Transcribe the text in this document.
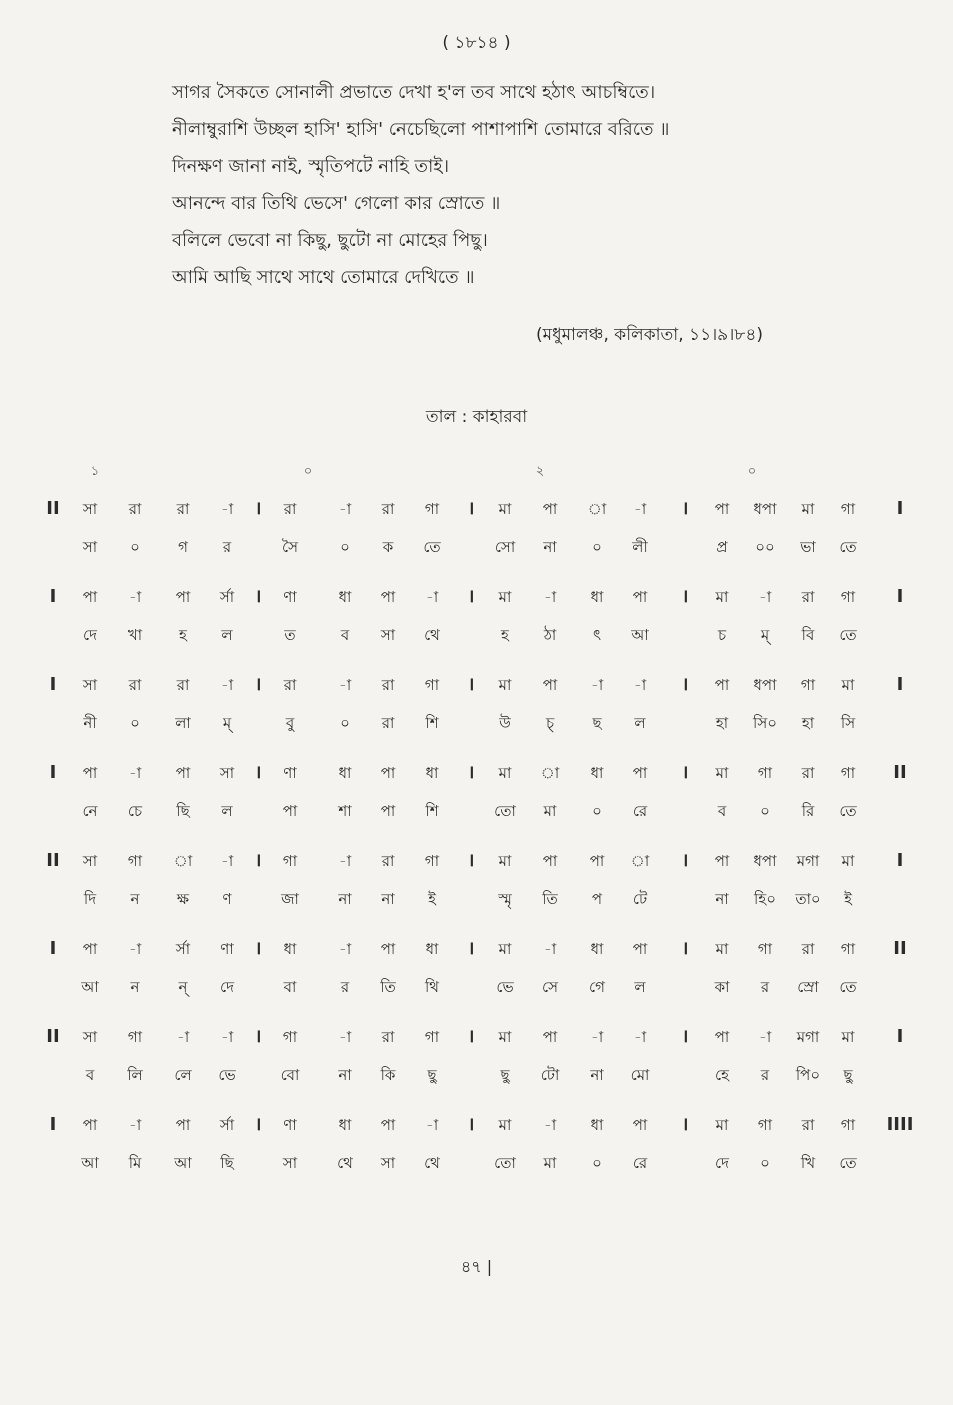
( ১৮১৪ )
সাগর সৈকতে সোনালী প্রভাতে দেখা হ'ল তব সাথে হঠাৎ আচম্বিতে।
নীলাম্বুরাশি উচ্ছল হাসি' হাসি' নেচেছিলো পাশাপাশি তোমারে বরিতে ॥
দিনক্ষণ জানা নাই, স্মৃতিপটে নাহি তাই।
আনন্দে বার তিথি ভেসে' গেলো কার স্রোতে ॥
বলিলে ভেবো না কিছু, ছুটো না মোহের পিছু।
আমি আছি সাথে সাথে তোমারে দেখিতে ॥
(মধুমালঞ্চ, কলিকাতা, ১১।৯।৮৪)
তাল : কাহারবা
১	০	২	০
II সা রা রা -া । রা	-া রা গা । মা পা া -া । পা ধপা মা গা I
সা ০	গ র	সৈ	০ ক তে	সো না ০ লী	প্র ০০ ভা তে
I পা -া পা র্সা । ণা	ধা পা -া । মা -া ধা পা । মা -া রা গা I
দে খা হ ল	ত	ব সা থে	হ ঠা ৎ আ	চ ম্ বি তে
I সা রা রা -া । রা	-া রা গা । মা পা -া -া । পা ধপা গা মা I
নী ০ লা ম্	বু	০ রা শি	উ চ্	ছ ল	হা সি০ হা সি
I পা -া পা সা । ণা	ধা পা ধা । মা া ধা পা । মা গা রা গা II
নে চে ছি ল	পা	শা পা শি	তো মা ০ রে	ব ০ রি তে
II সা গা া -া । গা	-া রা গা । মা পা পা া । পা ধপা মগা মা I
দি ন ক্ষ ণ	জা	না না ই	স্মৃ তি প টে	না হি০ তা০ ই
I পা -া র্সা ণা । ধা	-া পা ধা । মা -া ধা পা । মা গা রা গা II
আ ন	ন্ দে	বা	র তি থি	ভে সে গে ল	কা র স্রো তে
II সা গা -া -া । গা	-া রা গা । মা পা -া -া । পা -া মগা মা I
ব লি লে ভে	বো	না কি ছু	ছু টো না মো	হে র পি০ ছু
I পা -া পা র্সা । ণা	ধা পা -া । মা -া ধা পা । মা গা রা গা IIII
আ মি আ ছি	সা	থে সা থে	তো মা ০ রে	দে ০ খি তে
৪৭ |
